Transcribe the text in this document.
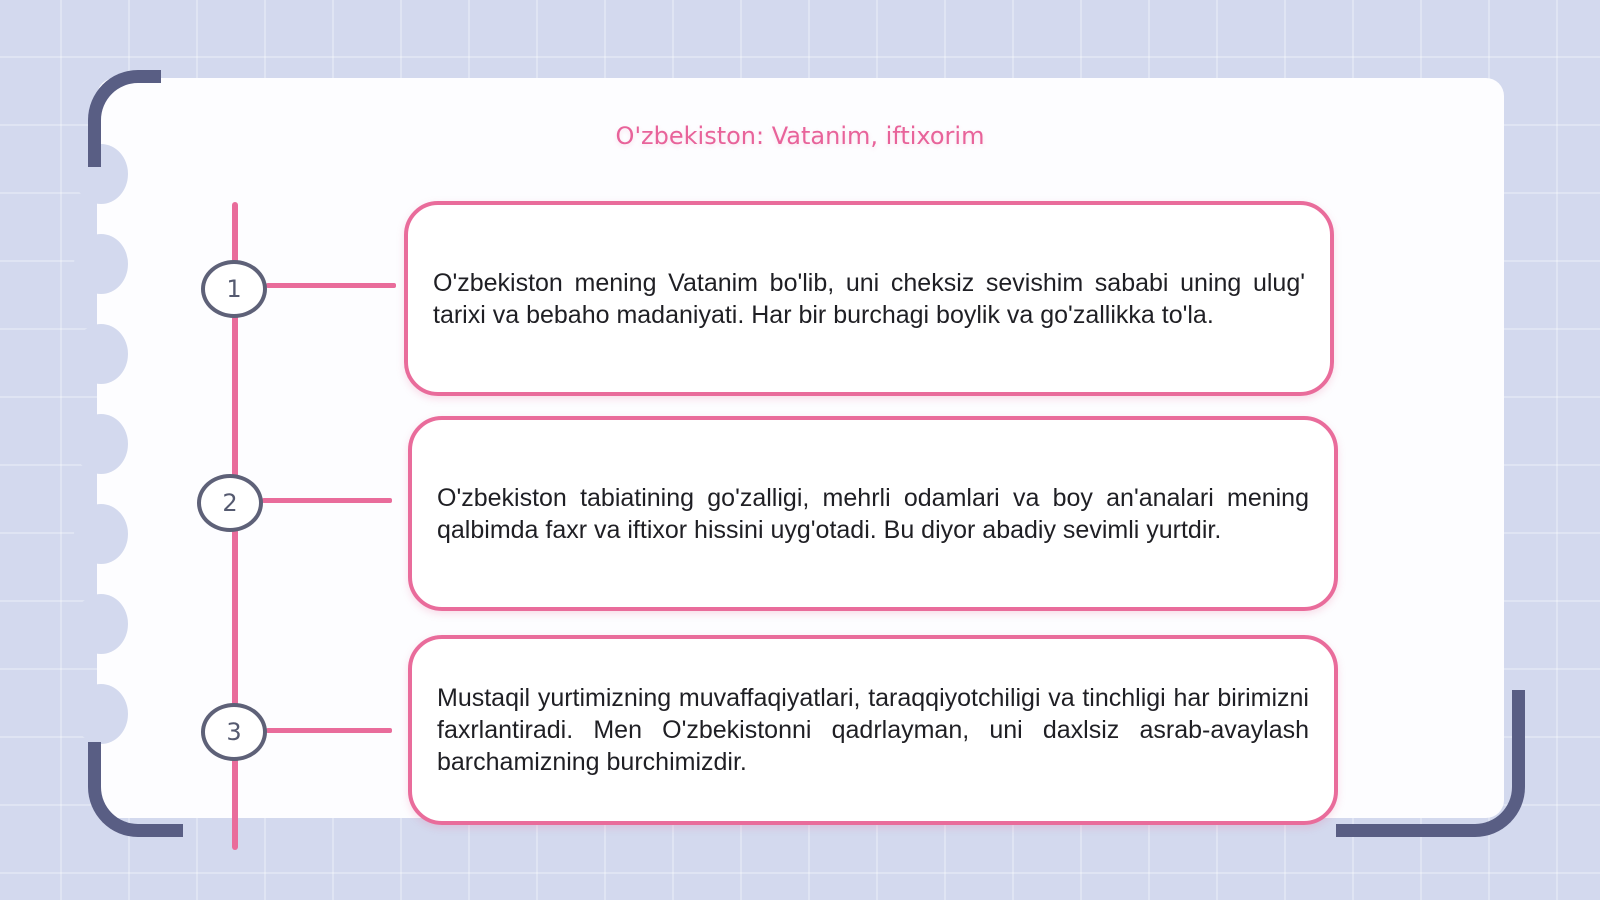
O'zbekiston: Vatanim, iftixorim
1
2
3
O'zbekiston mening Vatanim bo'lib, uni cheksiz sevishim sababi uning ulug' tarixi va bebaho madaniyati. Har bir burchagi boylik va go'zallikka to'la.
O'zbekiston tabiatining go'zalligi, mehrli odamlari va boy an'analari mening qalbimda faxr va iftixor hissini uyg'otadi. Bu diyor abadiy sevimli yurtdir.
Mustaqil yurtimizning muvaffaqiyatlari, taraqqiyotchiligi va tinchligi har birimizni faxrlantiradi. Men O'zbekistonni qadrlayman, uni daxlsiz asrab-avaylash barchamizning burchimizdir.
